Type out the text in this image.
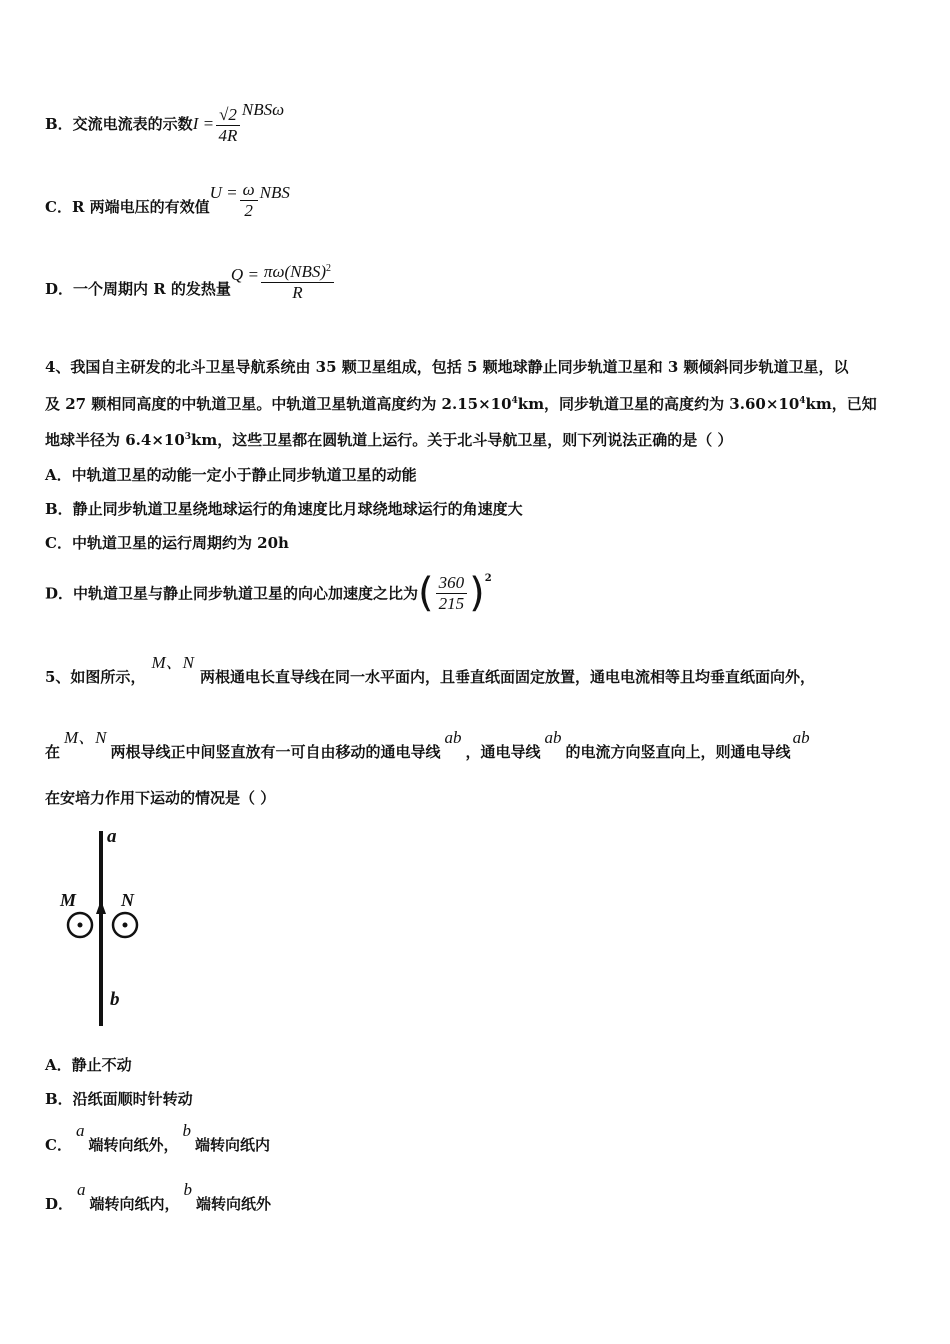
B．交流电流表的示数$I = \frac{√2}{4R}$ NBSω
C．R 两端电压的有效值$U = \frac{\omega}{2}$ NBS
D．一个周期内 R 的发热量$Q = \frac{\pi\omega(NBS)^2}{R}$
4、我国自主研发的北斗卫星导航系统由 35 颗卫星组成，包括 5 颗地球静止同步轨道卫星和 3 颗倾斜同步轨道卫星，以
及 27 颗相同高度的中轨道卫星。中轨道卫星轨道高度约为 $2.15\times 10^4km$，同步轨道卫星的高度约为 $3.60\times 10^4km$，已知
地球半径为 $6.4\times 10^3km$，这些卫星都在圆轨道上运行。关于北斗导航卫星，则下列说法正确的是（ ）
A．中轨道卫星的动能一定小于静止同步轨道卫星的动能
B．静止同步轨道卫星绕地球运行的角速度比月球绕地球运行的角速度大
C．中轨道卫星的运行周期约为 20h
D．中轨道卫星与静止同步轨道卫星的向心加速度之比为( $\frac{360}{215} )^2$
5、如图所示，M、N两根通电长直导线在同一水平面内，且垂直纸面固定放置，通电电流相等且均垂直纸面向外，
在M、N两根导线正中间竖直放有一可自由移动的通电导线ab，通电导线ab的电流方向竖直向上，则通电导线ab
在安培力作用下运动的情况是（ ）
a
b
M N
A．静止不动
B．沿纸面顺时针转动
C．a端转向纸外，b端转向纸内
D．a端转向纸内，b端转向纸外
